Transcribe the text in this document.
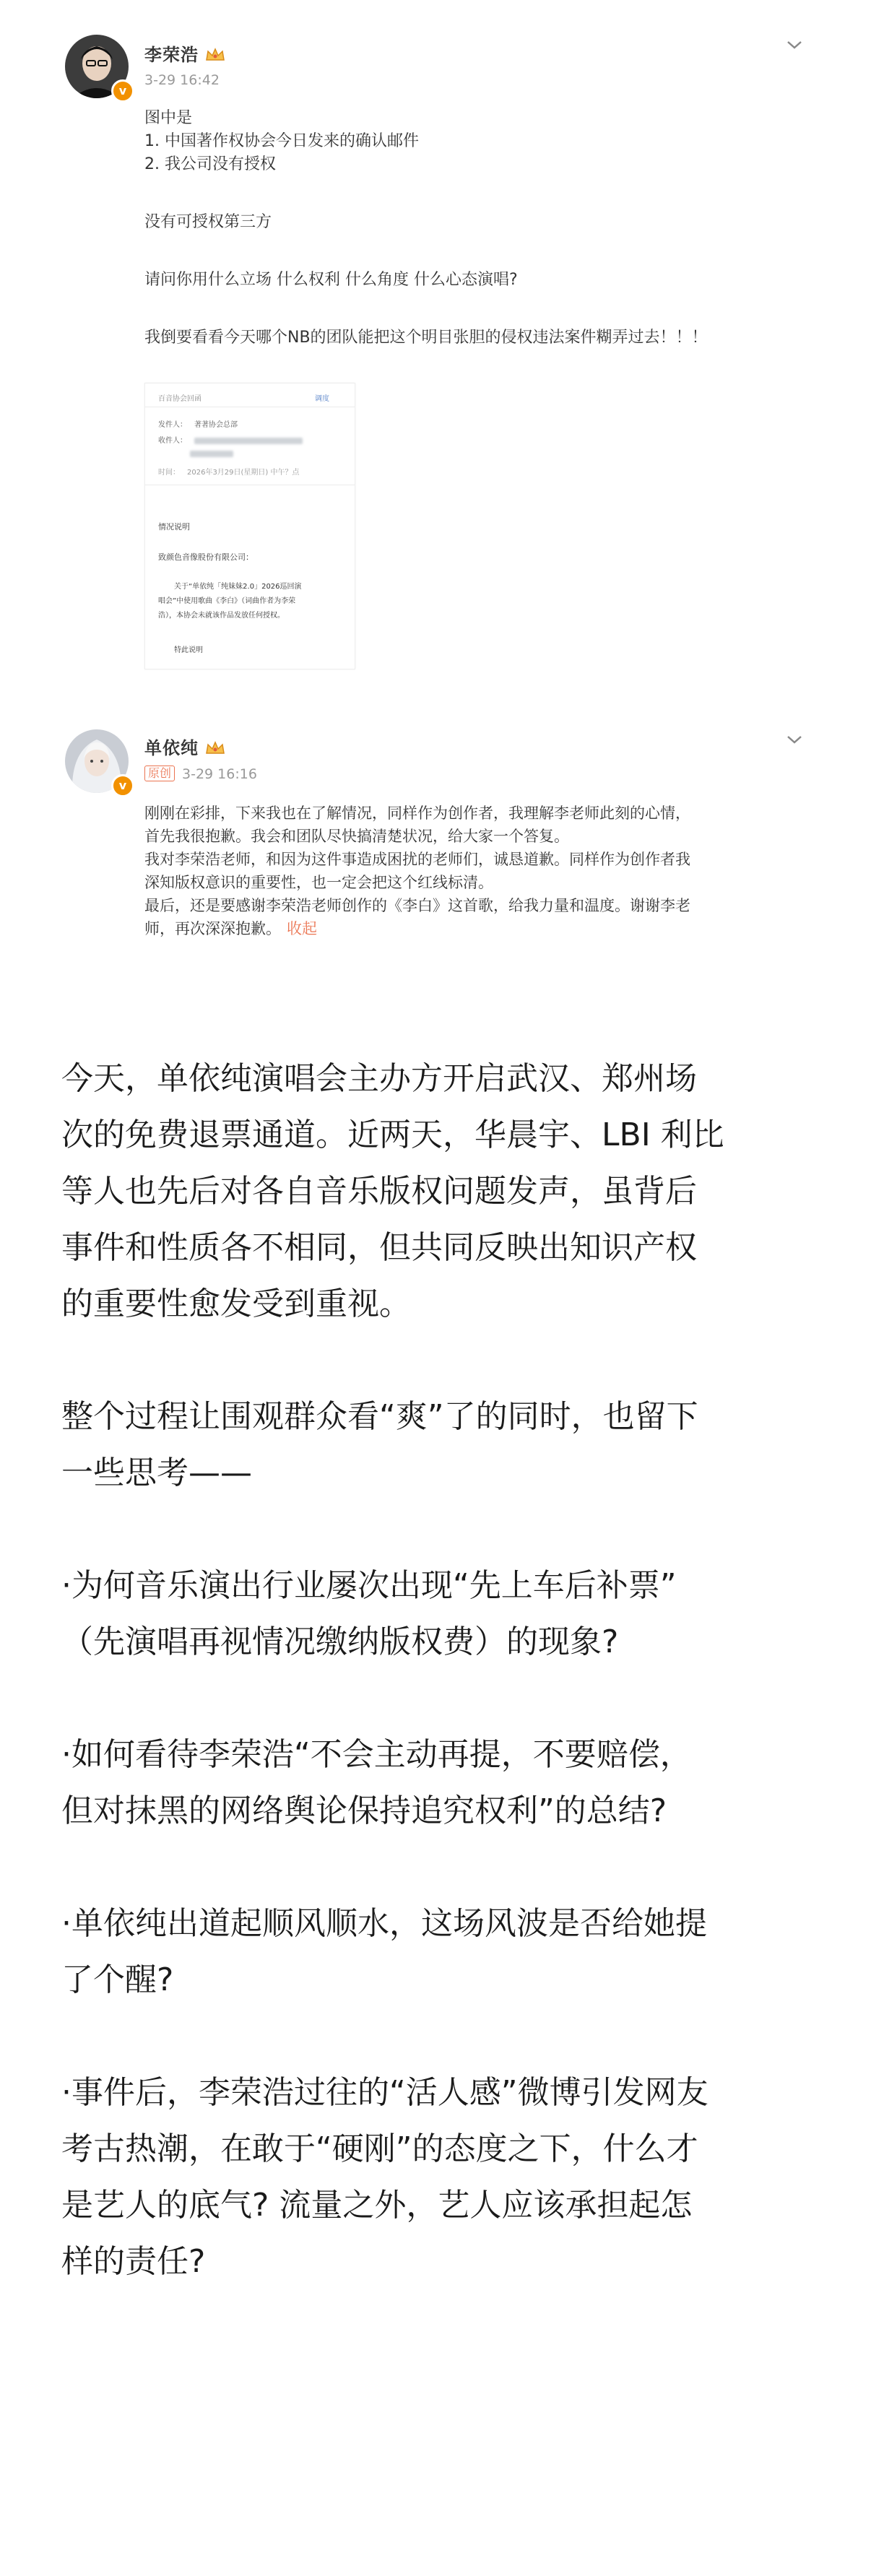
v
李荣浩
3-29 16:42
图中是
1. 中国著作权协会今日发来的确认邮件
2. 我公司没有授权
没有可授权第三方
请问你用什么立场 什么权利 什么角度 什么心态演唱?
我倒要看看今天哪个NB的团队能把这个明目张胆的侵权违法案件糊弄过去！！！
百音协会回函	调度
发件人： 著著协会总部
收件人：
时间： 2026年3月29日(星期日) 中午？点
情况说明
致颜色音像股份有限公司：
关于“单依纯「纯妹妹2.0」2026巡回演
唱会”中使用歌曲《李白》（词曲作者为李荣
浩），本协会未就该作品发放任何授权。
特此说明
v
单依纯
原创 3-29 16:16
刚刚在彩排，下来我也在了解情况，同样作为创作者，我理解李老师此刻的心情，
首先我很抱歉。我会和团队尽快搞清楚状况，给大家一个答复。
我对李荣浩老师，和因为这件事造成困扰的老师们，诚恳道歉。同样作为创作者我
深知版权意识的重要性，也一定会把这个红线标清。
最后，还是要感谢李荣浩老师创作的《李白》这首歌，给我力量和温度。谢谢李老
师，再次深深抱歉。 收起
今天，单依纯演唱会主办方开启武汉、郑州场
次的免费退票通道。近两天，华晨宇、LBI 利比
等人也先后对各自音乐版权问题发声，虽背后
事件和性质各不相同，但共同反映出知识产权
的重要性愈发受到重视。
整个过程让围观群众看“爽”了的同时，也留下
一些思考——
·为何音乐演出行业屡次出现“先上车后补票”
（先演唱再视情况缴纳版权费）的现象?
·如何看待李荣浩“不会主动再提，不要赔偿，
但对抹黑的网络舆论保持追究权利”的总结?
·单依纯出道起顺风顺水，这场风波是否给她提
了个醒?
·事件后，李荣浩过往的“活人感”微博引发网友
考古热潮，在敢于“硬刚”的态度之下，什么才
是艺人的底气? 流量之外，艺人应该承担起怎
样的责任?
